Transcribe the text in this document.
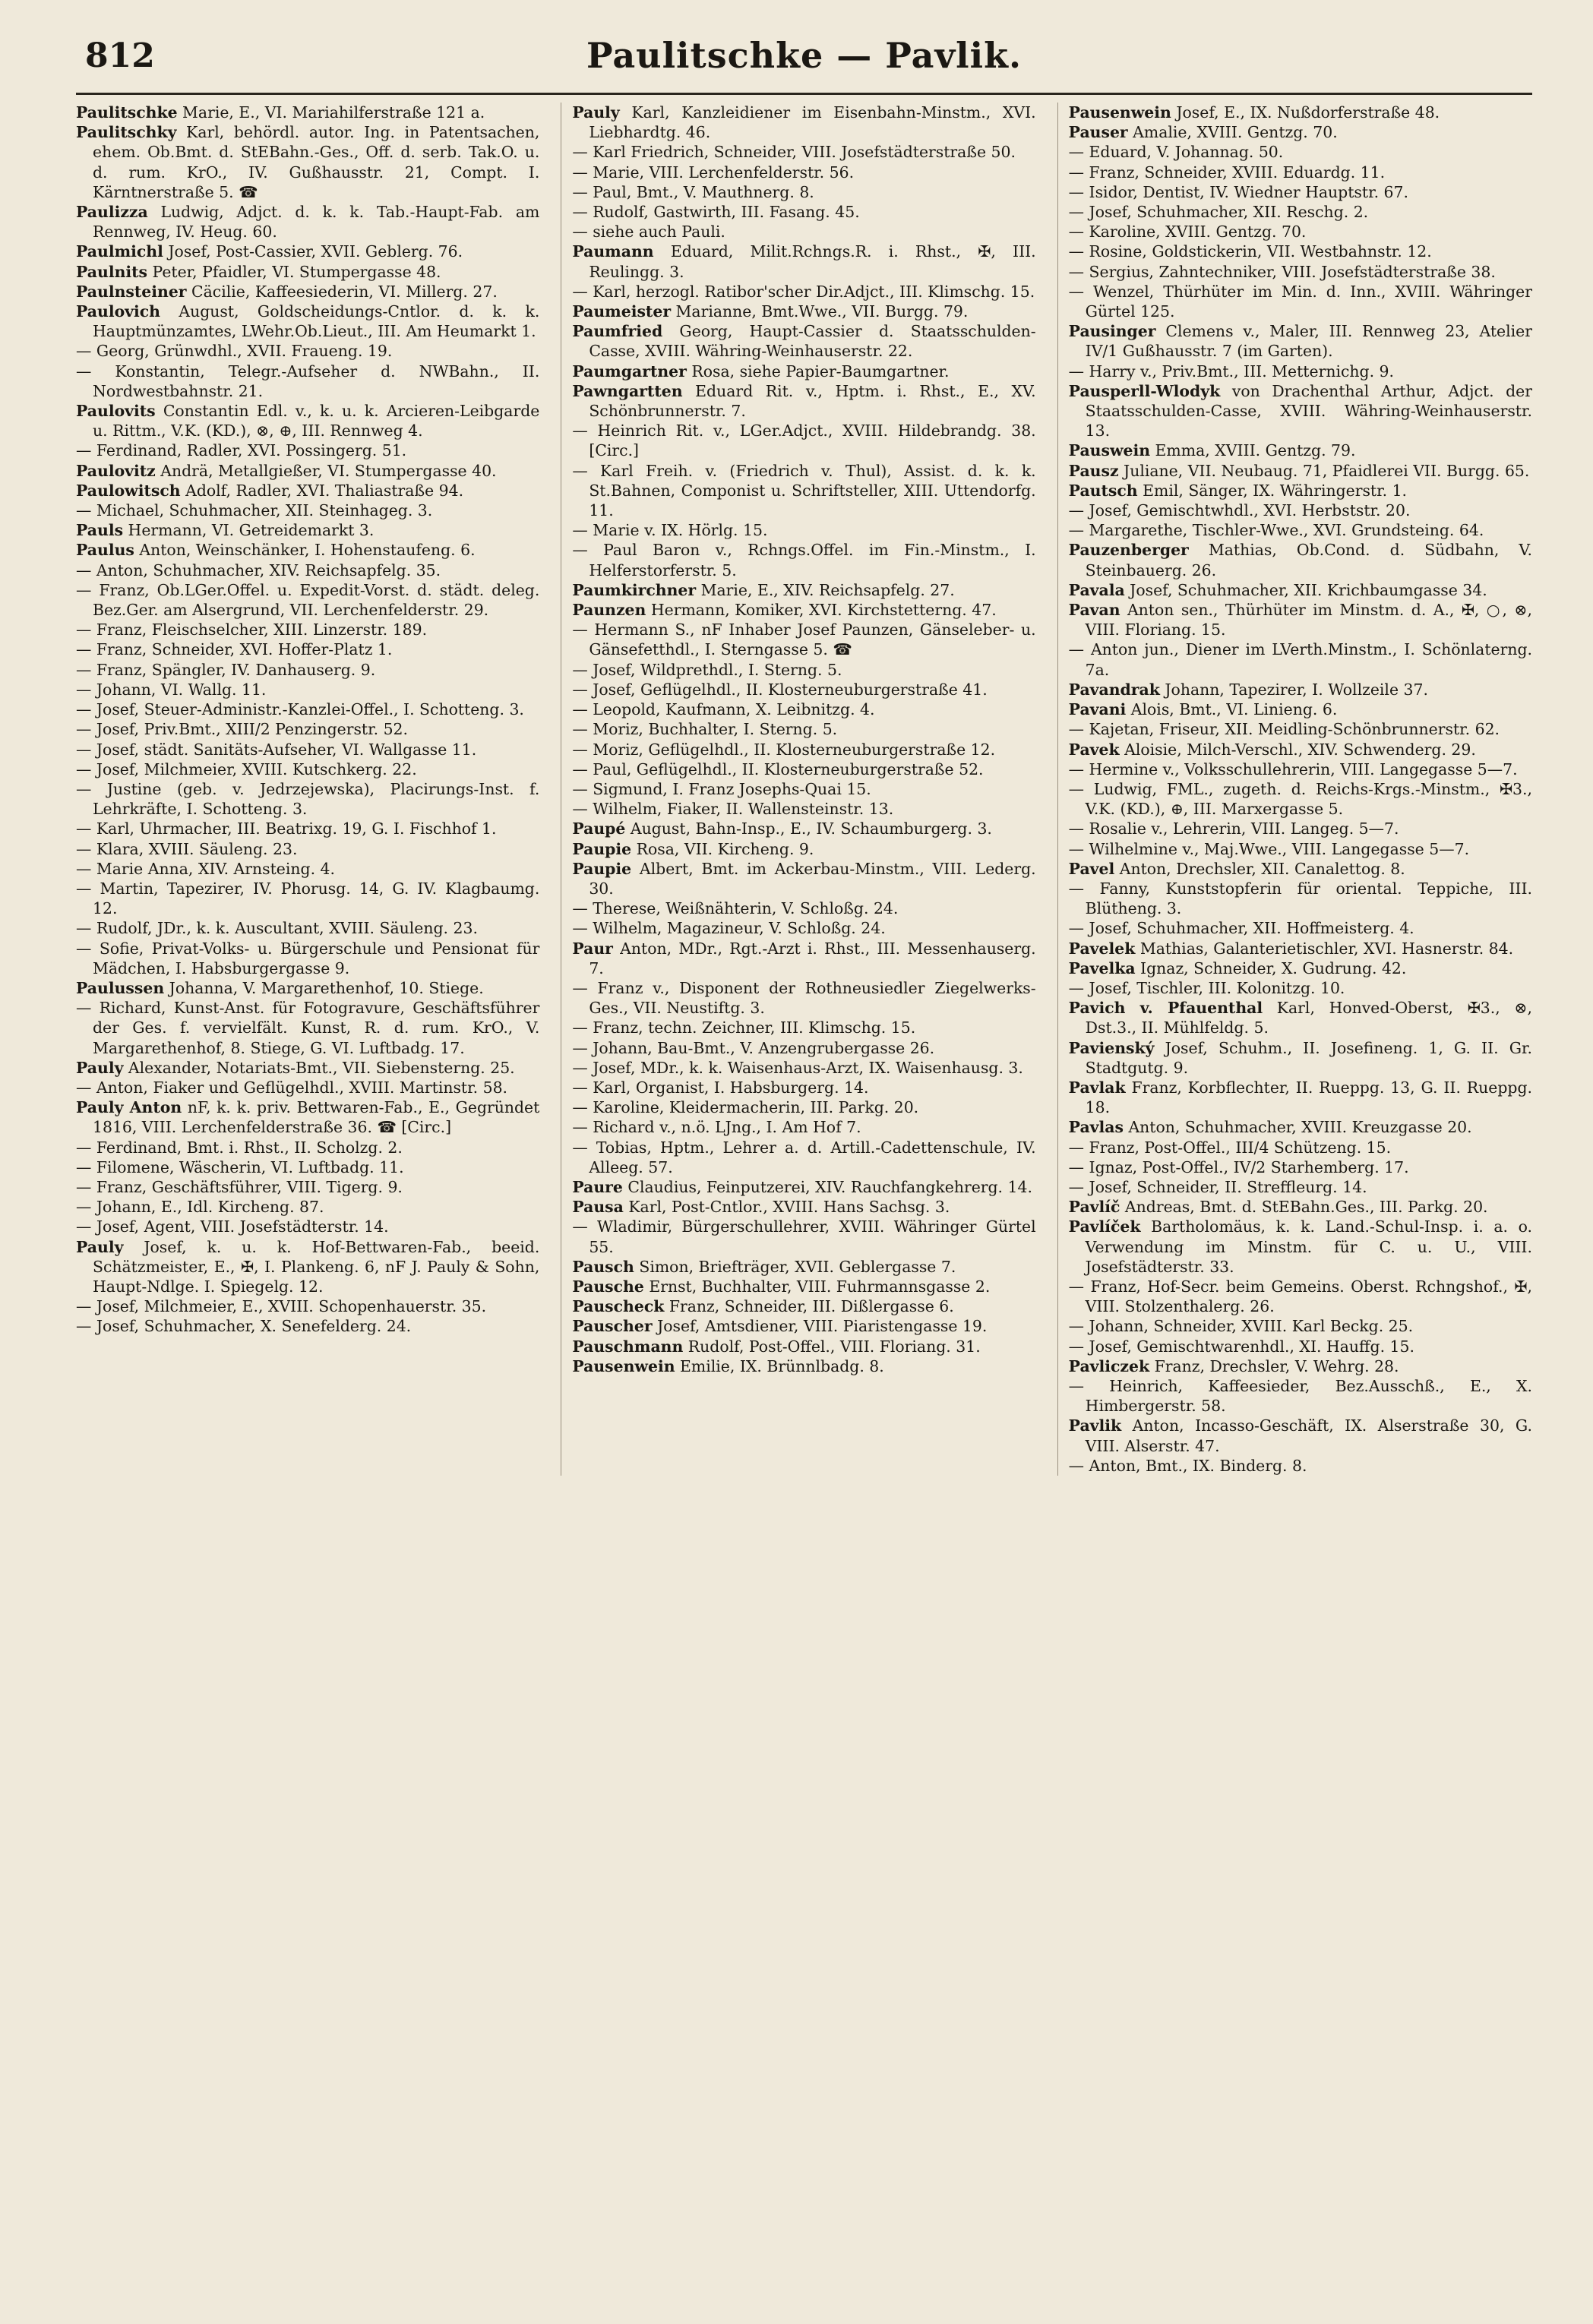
812	Paulitschke — Pavlik.

Paulitschke Marie, E., VI. Mariahilferstraße 121 a.

Paulitschky Karl, behördl. autor. Ing. in Patentsachen, ehem. Ob.Bmt. d. StEBahn.-Ges., Off. d. serb. Tak.O. u. d. rum. KrO., IV. Gußhausstr. 21, Compt. I. Kärntnerstraße 5. ☎

Paulizza Ludwig, Adjct. d. k. k. Tab.-Haupt-Fab. am Rennweg, IV. Heug. 60.

Paulmichl Josef, Post-Cassier, XVII. Geblerg. 76.

Paulnits Peter, Pfaidler, VI. Stumpergasse 48.

Paulnsteiner Cäcilie, Kaffeesiederin, VI. Millerg. 27.

Paulovich August, Goldscheidungs-Cntlor. d. k. k. Hauptmünzamtes, LWehr.Ob.Lieut., III. Am Heumarkt 1.

— Georg, Grünwdhl., XVII. Fraueng. 19.

— Konstantin, Telegr.-Aufseher d. NWBahn., II. Nordwestbahnstr. 21.

Paulovits Constantin Edl. v., k. u. k. Arcieren-Leibgarde u. Rittm., V.K. (KD.), ⊗, ⊕, III. Rennweg 4.

— Ferdinand, Radler, XVI. Possingerg. 51.

Paulovitz Andrä, Metallgießer, VI. Stumpergasse 40.

Paulowitsch Adolf, Radler, XVI. Thaliastraße 94.

— Michael, Schuhmacher, XII. Steinhageg. 3.

Pauls Hermann, VI. Getreidemarkt 3.

Paulus Anton, Weinschänker, I. Hohenstaufeng. 6.

— Anton, Schuhmacher, XIV. Reichsapfelg. 35.

— Franz, Ob.LGer.Offel. u. Expedit-Vorst. d. städt. deleg. Bez.Ger. am Alsergrund, VII. Lerchenfelderstr. 29.

— Franz, Fleischselcher, XIII. Linzerstr. 189.

— Franz, Schneider, XVI. Hoffer-Platz 1.

— Franz, Spängler, IV. Danhauserg. 9.

— Johann, VI. Wallg. 11.

— Josef, Steuer-Administr.-Kanzlei-Offel., I. Schotteng. 3.

— Josef, Priv.Bmt., XIII/2 Penzingerstr. 52.

— Josef, städt. Sanitäts-Aufseher, VI. Wallgasse 11.

— Josef, Milchmeier, XVIII. Kutschkerg. 22.

— Justine (geb. v. Jedrzejewska), Placirungs-Inst. f. Lehrkräfte, I. Schotteng. 3.

— Karl, Uhrmacher, III. Beatrixg. 19, G. I. Fischhof 1.

— Klara, XVIII. Säuleng. 23.

— Marie Anna, XIV. Arnsteing. 4.

— Martin, Tapezirer, IV. Phorusg. 14, G. IV. Klagbaumg. 12.

— Rudolf, JDr., k. k. Auscultant, XVIII. Säuleng. 23.

— Sofie, Privat-Volks- u. Bürgerschule und Pensionat für Mädchen, I. Habsburgergasse 9.

Paulussen Johanna, V. Margarethenhof, 10. Stiege.

— Richard, Kunst-Anst. für Fotogravure, Geschäftsführer der Ges. f. vervielfält. Kunst, R. d. rum. KrO., V. Margarethenhof, 8. Stiege, G. VI. Luftbadg. 17.

Pauly Alexander, Notariats-Bmt., VII. Siebensterng. 25.

— Anton, Fiaker und Geflügelhdl., XVIII. Martinstr. 58.

Pauly Anton nF, k. k. priv. Bettwaren-Fab., E., Gegründet 1816, VIII. Lerchenfelderstraße 36. ☎ [Circ.]

— Ferdinand, Bmt. i. Rhst., II. Scholzg. 2.

— Filomene, Wäscherin, VI. Luftbadg. 11.

— Franz, Geschäftsführer, VIII. Tigerg. 9.

— Johann, E., Idl. Kircheng. 87.

— Josef, Agent, VIII. Josefstädterstr. 14.

Pauly Josef, k. u. k. Hof-Bettwaren-Fab., beeid. Schätzmeister, E., ✠, I. Plankeng. 6, nF J. Pauly & Sohn, Haupt-Ndlge. I. Spiegelg. 12.

— Josef, Milchmeier, E., XVIII. Schopenhauerstr. 35.

— Josef, Schuhmacher, X. Senefelderg. 24.

Pauly Karl, Kanzleidiener im Eisenbahn-Minstm., XVI. Liebhardtg. 46.

— Karl Friedrich, Schneider, VIII. Josefstädterstraße 50.

— Marie, VIII. Lerchenfelderstr. 56.

— Paul, Bmt., V. Mauthnerg. 8.

— Rudolf, Gastwirth, III. Fasang. 45.

— siehe auch Pauli.

Paumann Eduard, Milit.Rchngs.R. i. Rhst., ✠, III. Reulingg. 3.

— Karl, herzogl. Ratibor'scher Dir.Adjct., III. Klimschg. 15.

Paumeister Marianne, Bmt.Wwe., VII. Burgg. 79.

Paumfried Georg, Haupt-Cassier d. Staatsschulden-Casse, XVIII. Währing-Weinhauserstr. 22.

Paumgartner Rosa, siehe Papier-Baumgartner.

Pawngartten Eduard Rit. v., Hptm. i. Rhst., E., XV. Schönbrunnerstr. 7.

— Heinrich Rit. v., LGer.Adjct., XVIII. Hildebrandg. 38. [Circ.]

— Karl Freih. v. (Friedrich v. Thul), Assist. d. k. k. St.Bahnen, Componist u. Schriftsteller, XIII. Uttendorfg. 11.

— Marie v. IX. Hörlg. 15.

— Paul Baron v., Rchngs.Offel. im Fin.-Minstm., I. Helferstorferstr. 5.

Paumkirchner Marie, E., XIV. Reichsapfelg. 27.

Paunzen Hermann, Komiker, XVI. Kirchstetterng. 47.

— Hermann S., nF Inhaber Josef Paunzen, Gänseleber- u. Gänsefetthdl., I. Sterngasse 5. ☎

— Josef, Wildprethdl., I. Sterng. 5.

— Josef, Geflügelhdl., II. Klosterneuburgerstraße 41.

— Leopold, Kaufmann, X. Leibnitzg. 4.

— Moriz, Buchhalter, I. Sterng. 5.

— Moriz, Geflügelhdl., II. Klosterneuburgerstraße 12.

— Paul, Geflügelhdl., II. Klosterneuburgerstraße 52.

— Sigmund, I. Franz Josephs-Quai 15.

— Wilhelm, Fiaker, II. Wallensteinstr. 13.

Paupé August, Bahn-Insp., E., IV. Schaumburgerg. 3.

Paupie Rosa, VII. Kircheng. 9.

Paupie Albert, Bmt. im Ackerbau-Minstm., VIII. Lederg. 30.

— Therese, Weißnähterin, V. Schloßg. 24.

— Wilhelm, Magazineur, V. Schloßg. 24.

Paur Anton, MDr., Rgt.-Arzt i. Rhst., III. Messenhauserg. 7.

— Franz v., Disponent der Rothneusiedler Ziegelwerks-Ges., VII. Neustiftg. 3.

— Franz, techn. Zeichner, III. Klimschg. 15.

— Johann, Bau-Bmt., V. Anzengrubergasse 26.

— Josef, MDr., k. k. Waisenhaus-Arzt, IX. Waisenhausg. 3.

— Karl, Organist, I. Habsburgerg. 14.

— Karoline, Kleidermacherin, III. Parkg. 20.

— Richard v., n.ö. LJng., I. Am Hof 7.

— Tobias, Hptm., Lehrer a. d. Artill.-Cadettenschule, IV. Alleeg. 57.

Paure Claudius, Feinputzerei, XIV. Rauchfangkehrerg. 14.

Pausa Karl, Post-Cntlor., XVIII. Hans Sachsg. 3.

— Wladimir, Bürgerschullehrer, XVIII. Währinger Gürtel 55.

Pausch Simon, Briefträger, XVII. Geblergasse 7.

Pausche Ernst, Buchhalter, VIII. Fuhrmannsgasse 2.

Pauscheck Franz, Schneider, III. Dißlergasse 6.

Pauscher Josef, Amtsdiener, VIII. Piaristengasse 19.

Pauschmann Rudolf, Post-Offel., VIII. Floriang. 31.

Pausenwein Emilie, IX. Brünnlbadg. 8.

Pausenwein Josef, E., IX. Nußdorferstraße 48.

Pauser Amalie, XVIII. Gentzg. 70.

— Eduard, V. Johannag. 50.

— Franz, Schneider, XVIII. Eduardg. 11.

— Isidor, Dentist, IV. Wiedner Hauptstr. 67.

— Josef, Schuhmacher, XII. Reschg. 2.

— Karoline, XVIII. Gentzg. 70.

— Rosine, Goldstickerin, VII. Westbahnstr. 12.

— Sergius, Zahntechniker, VIII. Josefstädterstraße 38.

— Wenzel, Thürhüter im Min. d. Inn., XVIII. Währinger Gürtel 125.

Pausinger Clemens v., Maler, III. Rennweg 23, Atelier IV/1 Gußhausstr. 7 (im Garten).

— Harry v., Priv.Bmt., III. Metternichg. 9.

Pausperll-Wlodyk von Drachenthal Arthur, Adjct. der Staatsschulden-Casse, XVIII. Währing-Weinhauserstr. 13.

Pauswein Emma, XVIII. Gentzg. 79.

Pausz Juliane, VII. Neubaug. 71, Pfaidlerei VII. Burgg. 65.

Pautsch Emil, Sänger, IX. Währingerstr. 1.

— Josef, Gemischtwhdl., XVI. Herbststr. 20.

— Margarethe, Tischler-Wwe., XVI. Grundsteing. 64.

Pauzenberger Mathias, Ob.Cond. d. Südbahn, V. Steinbauerg. 26.

Pavala Josef, Schuhmacher, XII. Krichbaumgasse 34.

Pavan Anton sen., Thürhüter im Minstm. d. A., ✠, ○, ⊗, VIII. Floriang. 15.

— Anton jun., Diener im LVerth.Minstm., I. Schönlaterng. 7a.

Pavandrak Johann, Tapezirer, I. Wollzeile 37.

Pavani Alois, Bmt., VI. Linieng. 6.

— Kajetan, Friseur, XII. Meidling-Schönbrunnerstr. 62.

Pavek Aloisie, Milch-Verschl., XIV. Schwenderg. 29.

— Hermine v., Volksschullehrerin, VIII. Langegasse 5—7.

— Ludwig, FML., zugeth. d. Reichs-Krgs.-Minstm., ✠3., V.K. (KD.), ⊕, III. Marxergasse 5.

— Rosalie v., Lehrerin, VIII. Langeg. 5—7.

— Wilhelmine v., Maj.Wwe., VIII. Langegasse 5—7.

Pavel Anton, Drechsler, XII. Canalettog. 8.

— Fanny, Kunststopferin für oriental. Teppiche, III. Blütheng. 3.

— Josef, Schuhmacher, XII. Hoffmeisterg. 4.

Pavelek Mathias, Galanterietischler, XVI. Hasnerstr. 84.

Pavelka Ignaz, Schneider, X. Gudrung. 42.

— Josef, Tischler, III. Kolonitzg. 10.

Pavich v. Pfauenthal Karl, Honved-Oberst, ✠3., ⊗, Dst.3., II. Mühlfeldg. 5.

Pavienský Josef, Schuhm., II. Josefineng. 1, G. II. Gr. Stadtgutg. 9.

Pavlak Franz, Korbflechter, II. Rueppg. 13, G. II. Rueppg. 18.

Pavlas Anton, Schuhmacher, XVIII. Kreuzgasse 20.

— Franz, Post-Offel., III/4 Schützeng. 15.

— Ignaz, Post-Offel., IV/2 Starhemberg. 17.

— Josef, Schneider, II. Streffleurg. 14.

Pavlíč Andreas, Bmt. d. StEBahn.Ges., III. Parkg. 20.

Pavlíček Bartholomäus, k. k. Land.-Schul-Insp. i. a. o. Verwendung im Minstm. für C. u. U., VIII. Josefstädterstr. 33.

— Franz, Hof-Secr. beim Gemeins. Oberst. Rchngshof., ✠, VIII. Stolzenthalerg. 26.

— Johann, Schneider, XVIII. Karl Beckg. 25.

— Josef, Gemischtwarenhdl., XI. Hauffg. 15.

Pavliczek Franz, Drechsler, V. Wehrg. 28.

— Heinrich, Kaffeesieder, Bez.Ausschß., E., X. Himbergerstr. 58.

Pavlik Anton, Incasso-Geschäft, IX. Alserstraße 30, G. VIII. Alserstr. 47.

— Anton, Bmt., IX. Binderg. 8.
